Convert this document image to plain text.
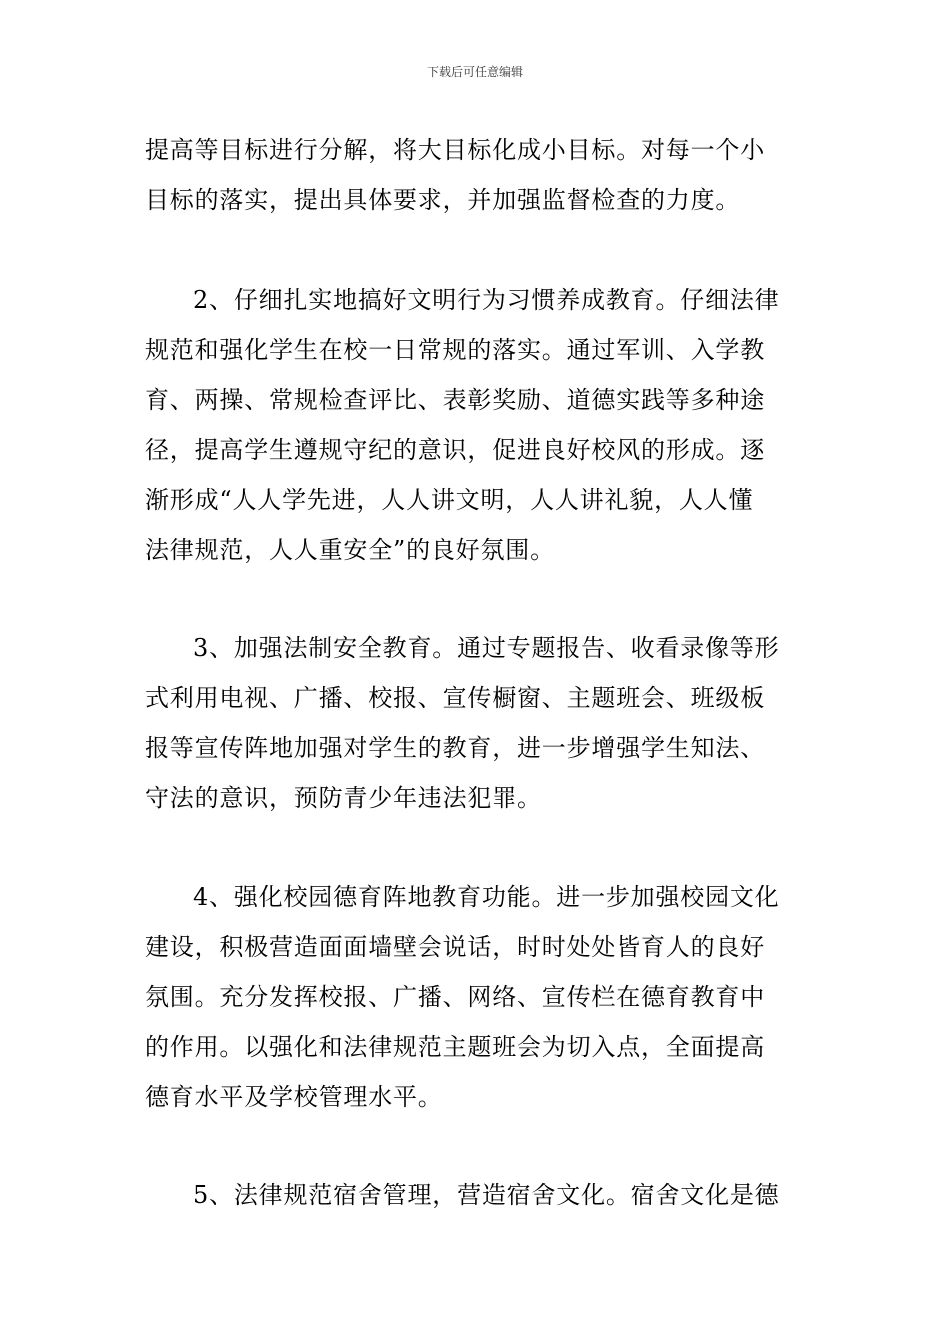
下载后可任意编辑
提高等目标进行分解，将大目标化成小目标。对每一个小
目标的落实，提出具体要求，并加强监督检查的力度。
2、仔细扎实地搞好文明行为习惯养成教育。仔细法律
规范和强化学生在校一日常规的落实。通过军训、入学教
育、两操、常规检查评比、表彰奖励、道德实践等多种途
径，提高学生遵规守纪的意识，促进良好校风的形成。逐
渐形成“人人学先进，人人讲文明，人人讲礼貌，人人懂
法律规范，人人重安全”的良好氛围。
3、加强法制安全教育。通过专题报告、收看录像等形
式利用电视、广播、校报、宣传橱窗、主题班会、班级板
报等宣传阵地加强对学生的教育，进一步增强学生知法、
守法的意识，预防青少年违法犯罪。
4、强化校园德育阵地教育功能。进一步加强校园文化
建设，积极营造面面墙壁会说话，时时处处皆育人的良好
氛围。充分发挥校报、广播、网络、宣传栏在德育教育中
的作用。以强化和法律规范主题班会为切入点，全面提高
德育水平及学校管理水平。
5、法律规范宿舍管理，营造宿舍文化。宿舍文化是德
